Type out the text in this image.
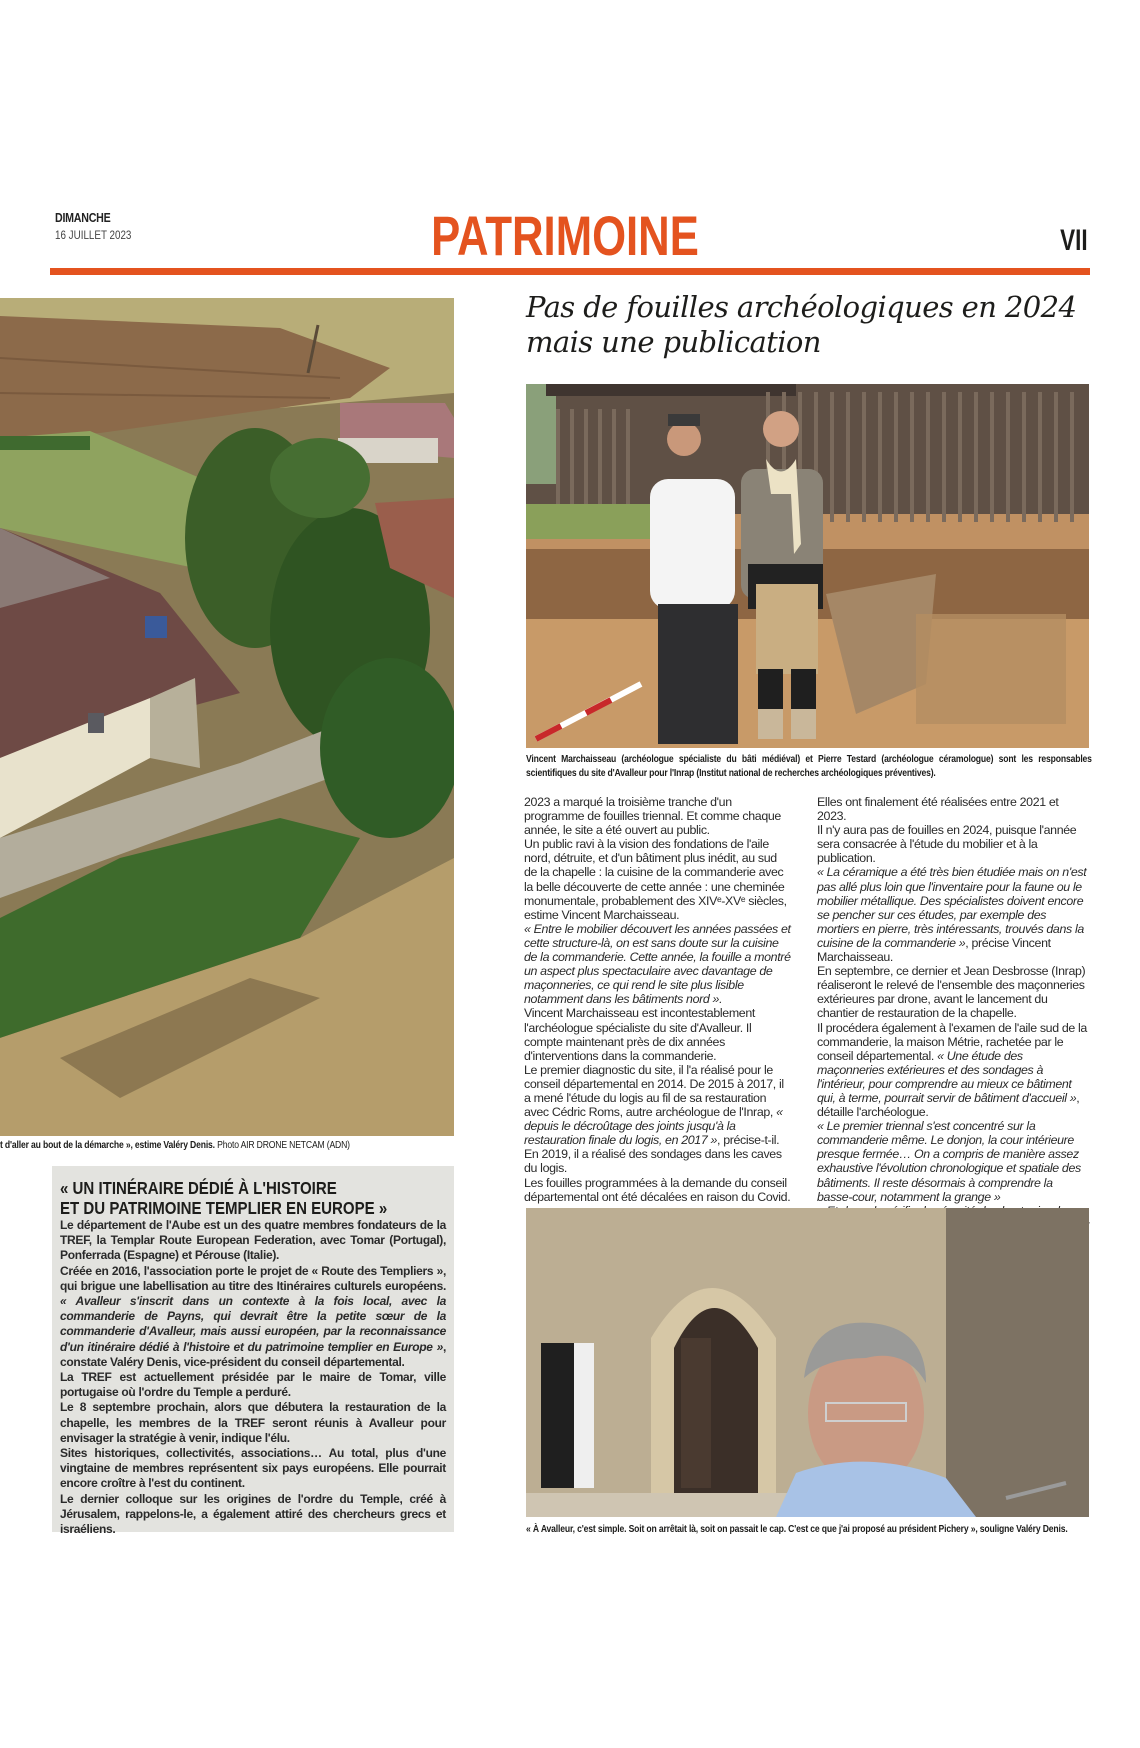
DIMANCHE
16 JUILLET 2023	PATRIMOINE	VII
t d'aller au bout de la démarche », estime Valéry Denis. Photo AIR DRONE NETCAM (ADN)
Pas de fouilles archéologiques en 2024 mais une publication
Vincent Marchaisseau (archéologue spécialiste du bâti médiéval) et Pierre Testard (archéologue céramologue) sont les responsables scientifiques du site d'Avalleur pour l'Inrap (Institut national de recherches archéologiques préventives).

2023 a marqué la troisième tranche d'un programme de fouilles triennal. Et comme chaque année, le site a été ouvert au public.

Un public ravi à la vision des fondations de l'aile nord, détruite, et d'un bâtiment plus inédit, au sud de la chapelle : la cuisine de la commanderie avec la belle découverte de cette année : une cheminée monumentale, probablement des XIVᵉ-XVᵉ siècles, estime Vincent Marchaisseau.

« Entre le mobilier découvert les années passées et cette structure-là, on est sans doute sur la cuisine de la commanderie. Cette année, la fouille a montré un aspect plus spectaculaire avec davantage de maçonneries, ce qui rend le site plus lisible notamment dans les bâtiments nord ».

Vincent Marchaisseau est incontestablement l'archéologue spécialiste du site d'Avalleur. Il compte maintenant près de dix années d'interventions dans la commanderie.

Le premier diagnostic du site, il l'a réalisé pour le conseil départemental en 2014. De 2015 à 2017, il a mené l'étude du logis au fil de sa restauration avec Cédric Roms, autre archéologue de l'Inrap, « depuis le décroûtage des joints jusqu'à la restauration finale du logis, en 2017 », précise-t-il. En 2019, il a réalisé des sondages dans les caves du logis.

Les fouilles programmées à la demande du conseil départemental ont été décalées en raison du Covid.

Elles ont finalement été réalisées entre 2021 et 2023.

Il n'y aura pas de fouilles en 2024, puisque l'année sera consacrée à l'étude du mobilier et à la publication.

« La céramique a été très bien étudiée mais on n'est pas allé plus loin que l'inventaire pour la faune ou le mobilier métallique. Des spécialistes doivent encore se pencher sur ces études, par exemple des mortiers en pierre, très intéressants, trouvés dans la cuisine de la commanderie », précise Vincent Marchaisseau.

En septembre, ce dernier et Jean Desbrosse (Inrap) réaliseront le relevé de l'ensemble des maçonneries extérieures par drone, avant le lancement du chantier de restauration de la chapelle.

Il procédera également à l'examen de l'aile sud de la commanderie, la maison Métrie, rachetée par le conseil départemental. « Une étude des maçonneries extérieures et des sondages à l'intérieur, pour comprendre au mieux ce bâtiment qui, à terme, pourrait servir de bâtiment d'accueil », détaille l'archéologue.

« Le premier triennal s'est concentré sur la commanderie même. Le donjon, la cour intérieure presque fermée… On a compris de manière assez exhaustive l'évolution chronologique et spatiale des bâtiments. Il reste désormais à comprendre la basse-cour, notamment la grange »

« UN ITINÉRAIRE DÉDIÉ À L'HISTOIRE
ET DU PATRIMOINE TEMPLIER EN EUROPE »

Le département de l'Aube est un des quatre membres fondateurs de la TREF, la Templar Route European Federation, avec Tomar (Portugal), Ponferrada (Espagne) et Pérouse (Italie).

Créée en 2016, l'association porte le projet de « Route des Templiers », qui brigue une labellisation au titre des Itinéraires culturels européens. « Avalleur s'inscrit dans un contexte à la fois local, avec la commanderie de Payns, qui devrait être la petite sœur de la commanderie d'Avalleur, mais aussi européen, par la reconnaissance d'un itinéraire dédié à l'histoire et du patrimoine templier en Europe », constate Valéry Denis, vice-président du conseil départemental.

La TREF est actuellement présidée par le maire de Tomar, ville portugaise où l'ordre du Temple a perduré.

Le 8 septembre prochain, alors que débutera la restauration de la chapelle, les membres de la TREF seront réunis à Avalleur pour envisager la stratégie à venir, indique l'élu.

Sites historiques, collectivités, associations… Au total, plus d'une vingtaine de membres représentent six pays européens. Elle pourrait encore croître à l'est du continent.

Le dernier colloque sur les origines de l'ordre du Temple, créé à Jérusalem, rappelons-le, a également attiré des chercheurs grecs et israéliens.	« À Avalleur, c'est simple. Soit on arrêtait là, soit on passait le cap. C'est ce que j'ai proposé au président Pichery », souligne Valéry Denis.
